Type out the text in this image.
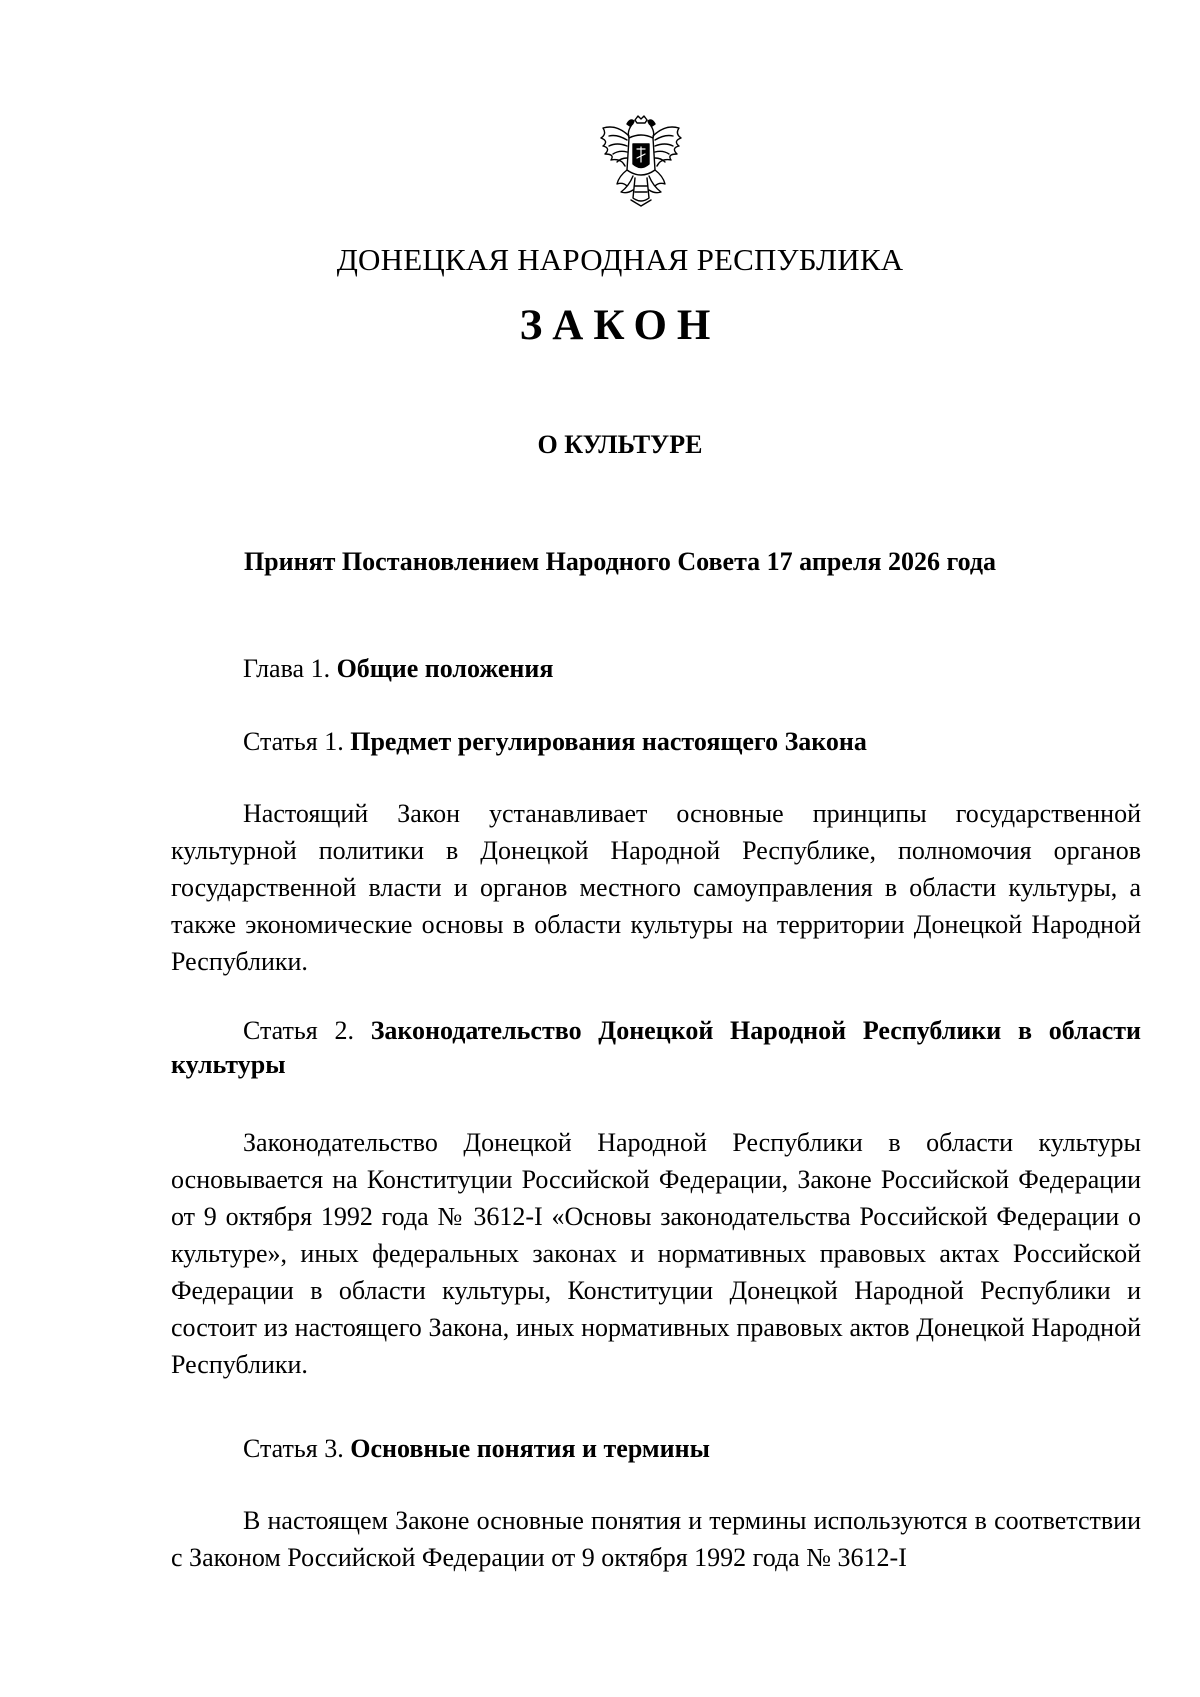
ДОНЕЦКАЯ НАРОДНАЯ РЕСПУБЛИКА
ЗАКОН
О КУЛЬТУРЕ
Принят Постановлением Народного Совета 17 апреля 2026 года
Глава 1. Общие положения
Статья 1. Предмет регулирования настоящего Закона
Настоящий Закон устанавливает основные принципы государственной культурной политики в Донецкой Народной Республике, полномочия органов государственной власти и органов местного самоуправления в области культуры, а также экономические основы в области культуры на территории Донецкой Народной Республики.
Статья 2. Законодательство Донецкой Народной Республики в области культуры
Законодательство Донецкой Народной Республики в области культуры основывается на Конституции Российской Федерации, Законе Российской Федерации от 9 октября 1992 года № 3612-I «Основы законодательства Российской Федерации о культуре», иных федеральных законах и нормативных правовых актах Российской Федерации в области культуры, Конституции Донецкой Народной Республики и состоит из настоящего Закона, иных нормативных правовых актов Донецкой Народной Республики.
Статья 3. Основные понятия и термины
В настоящем Законе основные понятия и термины используются в соответствии с Законом Российской Федерации от 9 октября 1992 года № 3612-I
